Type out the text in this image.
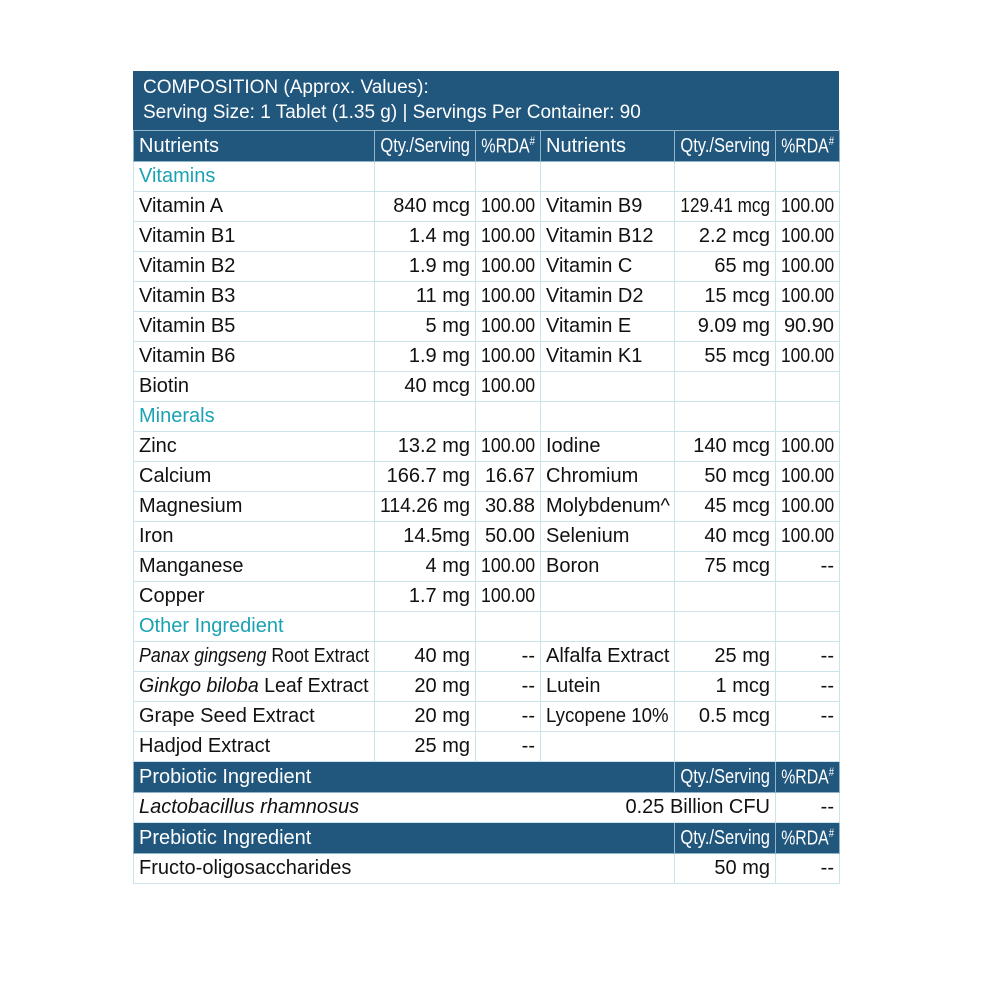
COMPOSITION (Approx. Values):
Serving Size: 1 Tablet (1.35 g) | Servings Per Container: 90
Nutrients	Qty./Serving	%RDA#	Nutrients	Qty./Serving	%RDA#
Vitamins					
Vitamin A	840 mcg	100.00	Vitamin B9	129.41 mcg	100.00
Vitamin B1	1.4 mg	100.00	Vitamin B12	2.2 mcg	100.00
Vitamin B2	1.9 mg	100.00	Vitamin C	65 mg	100.00
Vitamin B3	11 mg	100.00	Vitamin D2	15 mcg	100.00
Vitamin B5	5 mg	100.00	Vitamin E	9.09 mg	90.90
Vitamin B6	1.9 mg	100.00	Vitamin K1	55 mcg	100.00
Biotin	40 mcg	100.00			
Minerals					
Zinc	13.2 mg	100.00	Iodine	140 mcg	100.00
Calcium	166.7 mg	16.67	Chromium	50 mcg	100.00
Magnesium	114.26 mg	30.88	Molybdenum^	45 mcg	100.00
Iron	14.5mg	50.00	Selenium	40 mcg	100.00
Manganese	4 mg	100.00	Boron	75 mcg	--
Copper	1.7 mg	100.00			
Other Ingredient					
Panax gingseng Root Extract	40 mg	--	Alfalfa Extract	25 mg	--
Ginkgo biloba Leaf Extract	20 mg	--	Lutein	1 mcg	--
Grape Seed Extract	20 mg	--	Lycopene 10%	0.5 mcg	--
Hadjod Extract	25 mg	--			
Probiotic Ingredient				Qty./Serving	%RDA#
Lactobacillus rhamnosus			0.25 Billion CFU		--
Prebiotic Ingredient				Qty./Serving	%RDA#
Fructo-oligosaccharides				50 mg	--
